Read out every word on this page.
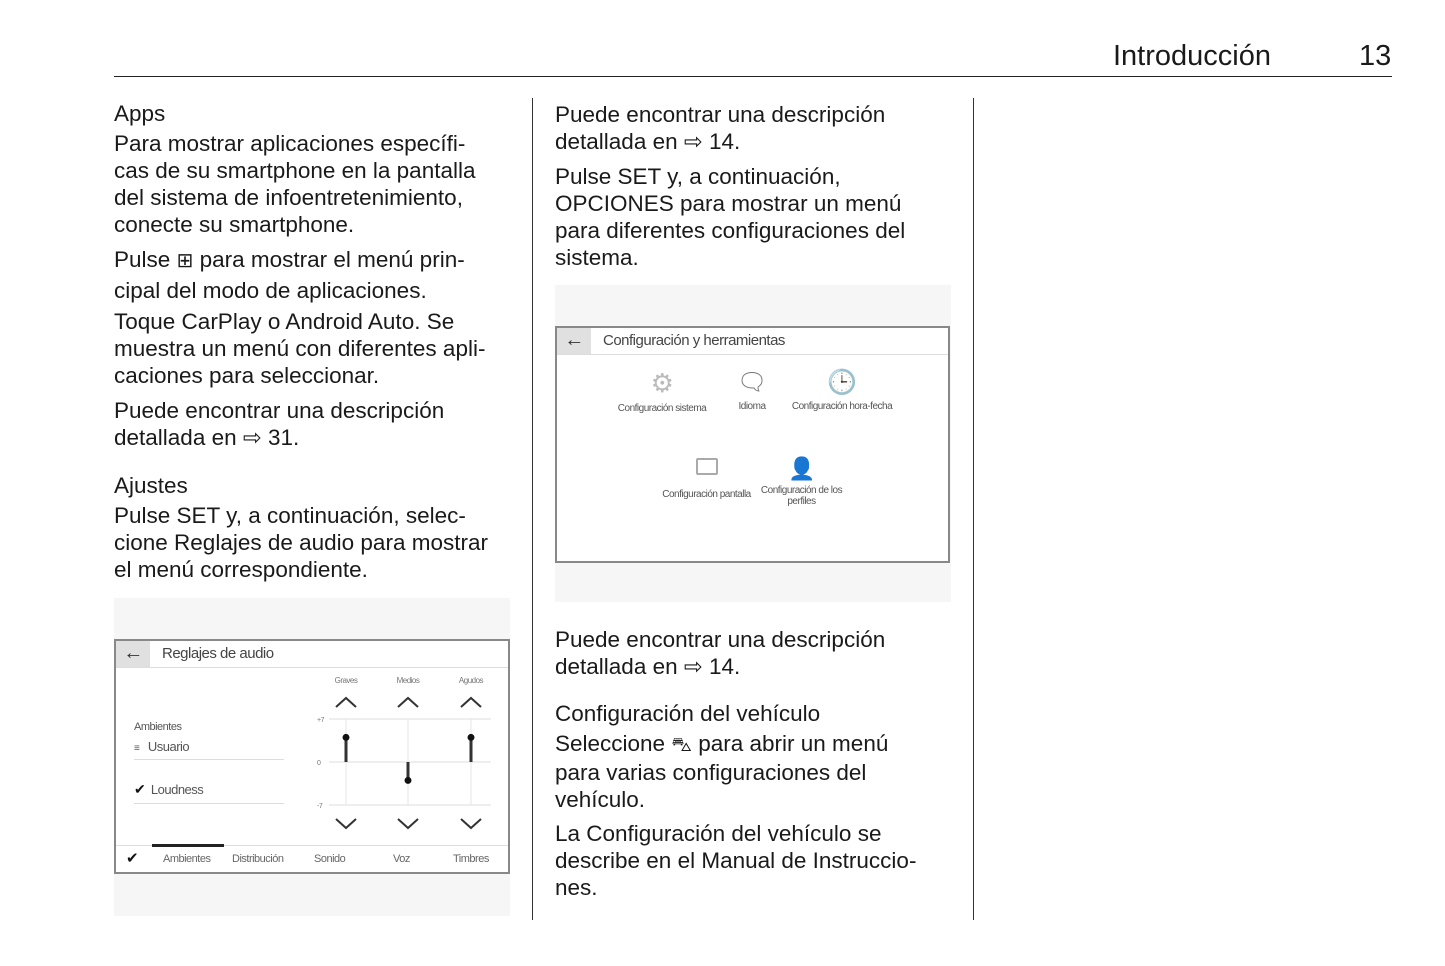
Introducción	13
Apps
Para mostrar aplicaciones específi-
cas de su smartphone en la pantalla
del sistema de infoentretenimiento,
conecte su smartphone.
Pulse ⊞ para mostrar el menú prin-
cipal del modo de aplicaciones.
Toque CarPlay o Android Auto. Se
muestra un menú con diferentes apli-
caciones para seleccionar.
Puede encontrar una descripción
detallada en ⇨ 31.
Ajustes
Pulse SET y, a continuación, selec-
cione Reglajes de audio para mostrar
el menú correspondiente.
←	Reglajes de audio
Ambientes
≡ Usuario
✔ Loudness
+7
0
-7
Graves	Medios	Agudos
✔ Ambientes Distribución	Sonido	Voz	Timbres
Puede encontrar una descripción
detallada en ⇨ 14.
Pulse SET y, a continuación,
OPCIONES para mostrar un menú
para diferentes configuraciones del
sistema.
←	Configuración y herramientas
⚙
Configuración sistema
🗨
Idioma
🕒
Configuración hora-fecha
Configuración pantalla
👤
Configuración de los perfiles
Puede encontrar una descripción
detallada en ⇨ 14.
Configuración del vehículo
Seleccione ⛍ para abrir un menú
para varias configuraciones del
vehículo.
La Configuración del vehículo se
describe en el Manual de Instruccio-
nes.
